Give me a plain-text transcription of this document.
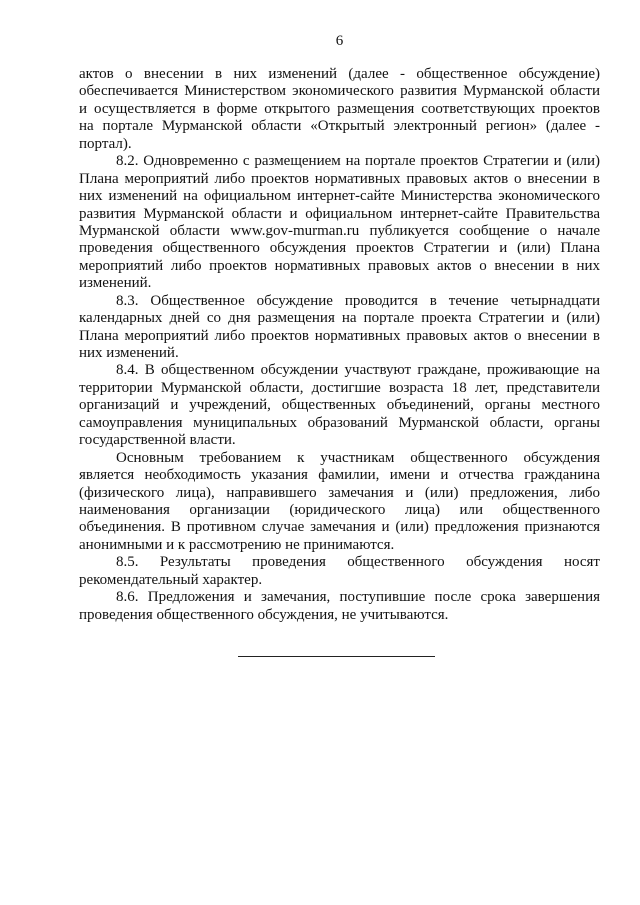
6
актов о внесении в них изменений (далее - общественное обсуждение)
обеспечивается Министерством экономического развития Мурманской области
и осуществляется в форме открытого размещения соответствующих проектов
на портале Мурманской области «Открытый электронный регион» (далее -
портал).
8.2. Одновременно с размещением на портале проектов Стратегии и (или)
Плана мероприятий либо проектов нормативных правовых актов о внесении в
них изменений на официальном интернет-сайте Министерства экономического
развития Мурманской области и официальном интернет-сайте Правительства
Мурманской области www.gov-murman.ru публикуется сообщение о начале
проведения общественного обсуждения проектов Стратегии и (или) Плана
мероприятий либо проектов нормативных правовых актов о внесении в них
изменений.
8.3. Общественное обсуждение проводится в течение четырнадцати
календарных дней со дня размещения на портале проекта Стратегии и (или)
Плана мероприятий либо проектов нормативных правовых актов о внесении в
них изменений.
8.4. В общественном обсуждении участвуют граждане, проживающие на
территории Мурманской области, достигшие возраста 18 лет, представители
организаций и учреждений, общественных объединений, органы местного
самоуправления муниципальных образований Мурманской области, органы
государственной власти.
Основным требованием к участникам общественного обсуждения
является необходимость указания фамилии, имени и отчества гражданина
(физического лица), направившего замечания и (или) предложения, либо
наименования организации (юридического лица) или общественного
объединения. В противном случае замечания и (или) предложения признаются
анонимными и к рассмотрению не принимаются.
8.5. Результаты проведения общественного обсуждения носят
рекомендательный характер.
8.6. Предложения и замечания, поступившие после срока завершения
проведения общественного обсуждения, не учитываются.
